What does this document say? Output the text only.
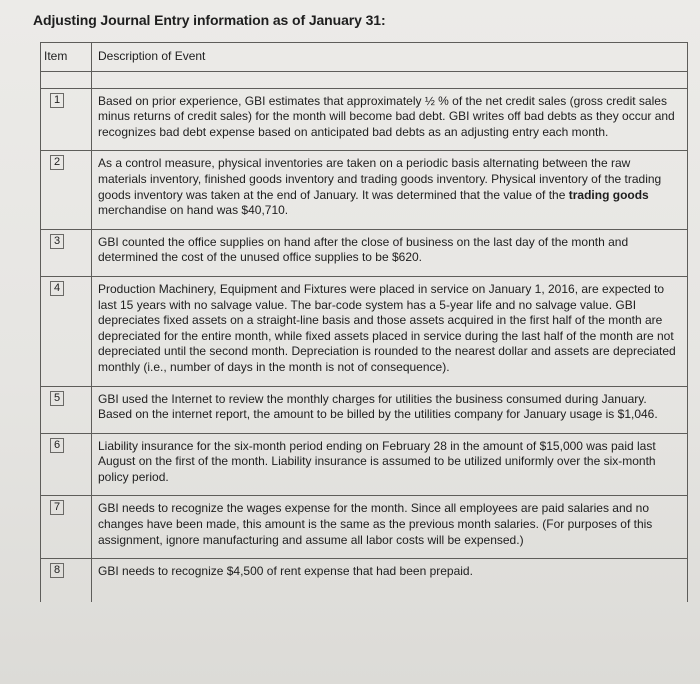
Adjusting Journal Entry information as of January 31:
Item	Description of Event

1	Based on prior experience, GBI estimates that approximately ½ % of the net credit sales (gross credit sales minus returns of credit sales) for the month will become bad debt. GBI writes off bad debts as they occur and recognizes bad debt expense based on anticipated bad debts as an adjusting entry each month.

2	As a control measure, physical inventories are taken on a periodic basis alternating between the raw materials inventory, finished goods inventory and trading goods inventory. Physical inventory of the trading goods inventory was taken at the end of January. It was determined that the value of the trading goods merchandise on hand was $40,710.

3	GBI counted the office supplies on hand after the close of business on the last day of the month and determined the cost of the unused office supplies to be $620.

4	Production Machinery, Equipment and Fixtures were placed in service on January 1, 2016, are expected to last 15 years with no salvage value. The bar-code system has a 5-year life and no salvage value. GBI depreciates fixed assets on a straight-line basis and those assets acquired in the first half of the month are depreciated for the entire month, while fixed assets placed in service during the last half of the month are not depreciated until the second month. Depreciation is rounded to the nearest dollar and assets are depreciated monthly (i.e., number of days in the month is not of consequence).

5	GBI used the Internet to review the monthly charges for utilities the business consumed during January. Based on the internet report, the amount to be billed by the utilities company for January usage is $1,046.

6	Liability insurance for the six-month period ending on February 28 in the amount of $15,000 was paid last August on the first of the month. Liability insurance is assumed to be utilized uniformly over the six-month policy period.

7	GBI needs to recognize the wages expense for the month. Since all employees are paid salaries and no changes have been made, this amount is the same as the previous month salaries. (For purposes of this assignment, ignore manufacturing and assume all labor costs will be expensed.)

8	GBI needs to recognize $4,500 of rent expense that had been prepaid.
